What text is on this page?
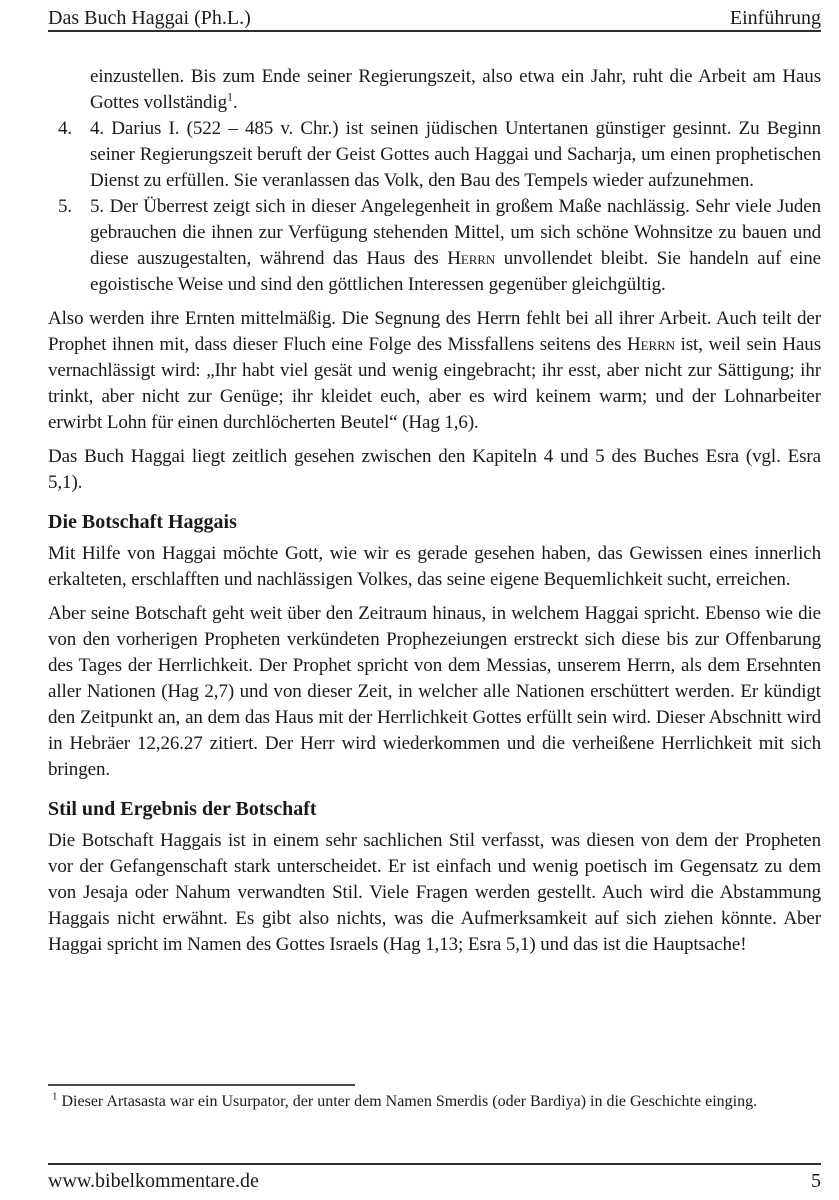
Das Buch Haggai (Ph.L.)	Einführung
einzustellen. Bis zum Ende seiner Regierungszeit, also etwa ein Jahr, ruht die Arbeit am Haus Gottes vollständig$^1$.
4. 4. Darius I. (522 – 485 v. Chr.) ist seinen jüdischen Untertanen günstiger gesinnt. Zu Beginn seiner Regierungszeit beruft der Geist Gottes auch Haggai und Sacharja, um einen prophetischen Dienst zu erfüllen. Sie veranlassen das Volk, den Bau des Tempels wieder aufzunehmen.
5. 5. Der Überrest zeigt sich in dieser Angelegenheit in großem Maße nachlässig. Sehr viele Juden gebrauchen die ihnen zur Verfügung stehenden Mittel, um sich schöne Wohnsitze zu bauen und diese auszugestalten, während das Haus des Herrn unvollendet bleibt. Sie handeln auf eine egoistische Weise und sind den göttlichen Interessen gegenüber gleichgültig.

Also werden ihre Ernten mittelmäßig. Die Segnung des Herrn fehlt bei all ihrer Arbeit. Auch teilt der Prophet ihnen mit, dass dieser Fluch eine Folge des Missfallens seitens des Herrn ist, weil sein Haus vernachlässigt wird: „Ihr habt viel gesät und wenig eingebracht; ihr esst, aber nicht zur Sättigung; ihr trinkt, aber nicht zur Genüge; ihr kleidet euch, aber es wird keinem warm; und der Lohnarbeiter erwirbt Lohn für einen durchlöcherten Beutel“ (Hag 1,6).

Das Buch Haggai liegt zeitlich gesehen zwischen den Kapiteln 4 und 5 des Buches Esra (vgl. Esra 5,1).

Die Botschaft Haggais

Mit Hilfe von Haggai möchte Gott, wie wir es gerade gesehen haben, das Gewissen eines innerlich erkalteten, erschlafften und nachlässigen Volkes, das seine eigene Bequemlichkeit sucht, erreichen.

Aber seine Botschaft geht weit über den Zeitraum hinaus, in welchem Haggai spricht. Ebenso wie die von den vorherigen Propheten verkündeten Prophezeiungen erstreckt sich diese bis zur Offenbarung des Tages der Herrlichkeit. Der Prophet spricht von dem Messias, unserem Herrn, als dem Ersehnten aller Nationen (Hag 2,7) und von dieser Zeit, in welcher alle Nationen erschüttert werden. Er kündigt den Zeitpunkt an, an dem das Haus mit der Herrlichkeit Gottes erfüllt sein wird. Dieser Abschnitt wird in Hebräer 12,26.27 zitiert. Der Herr wird wiederkommen und die verheißene Herrlichkeit mit sich bringen.

Stil und Ergebnis der Botschaft

Die Botschaft Haggais ist in einem sehr sachlichen Stil verfasst, was diesen von dem der Propheten vor der Gefangenschaft stark unterscheidet. Er ist einfach und wenig poetisch im Gegensatz zu dem von Jesaja oder Nahum verwandten Stil. Viele Fragen werden gestellt. Auch wird die Abstammung Haggais nicht erwähnt. Es gibt also nichts, was die Aufmerksamkeit auf sich ziehen könnte. Aber Haggai spricht im Namen des Gottes Israels (Hag 1,13; Esra 5,1) und das ist die Hauptsache!

$^1$ Dieser Artasasta war ein Usurpator, der unter dem Namen Smerdis (oder Bardiya) in die Geschichte einging.
www.bibelkommentare.de	5
